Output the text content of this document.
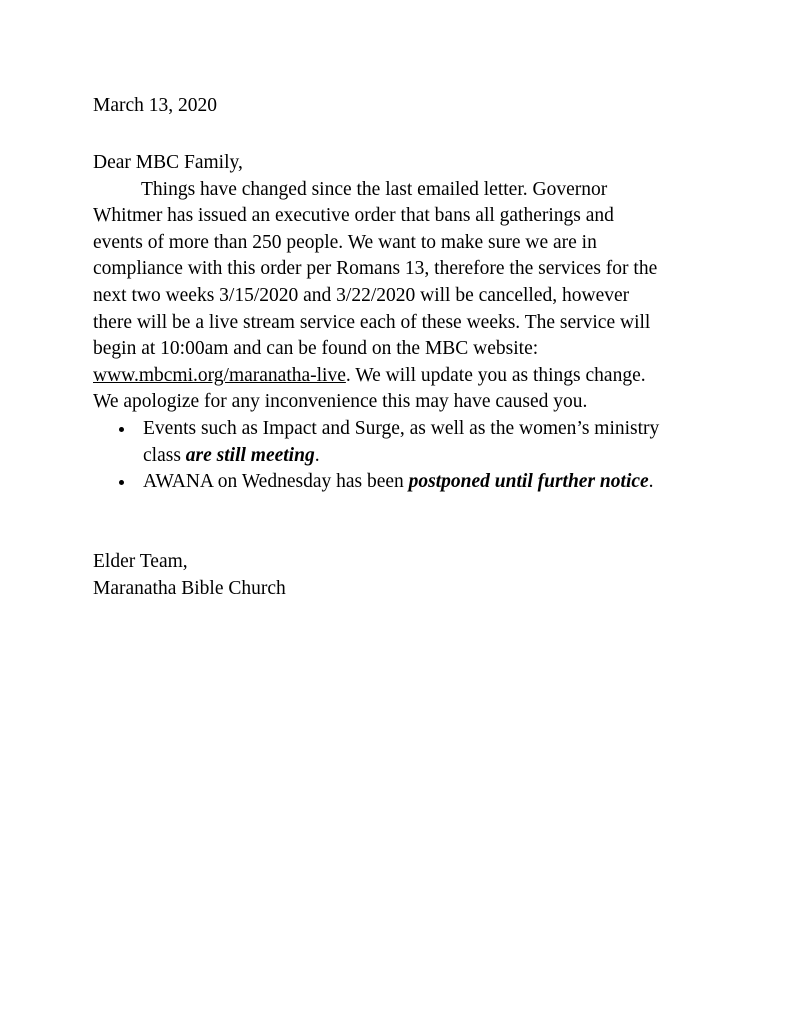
March 13, 2020

Dear MBC Family,

Things have changed since the last emailed letter. Governor
Whitmer has issued an executive order that bans all gatherings and
events of more than 250 people. We want to make sure we are in
compliance with this order per Romans 13, therefore the services for the
next two weeks 3/15/2020 and 3/22/2020 will be cancelled, however
there will be a live stream service each of these weeks. The service will
begin at 10:00am and can be found on the MBC website:
www.mbcmi.org/maranatha-live. We will update you as things change.
We apologize for any inconvenience this may have caused you.

Events such as Impact and Surge, as well as the women’s ministry
class are still meeting.
AWANA on Wednesday has been postponed until further notice.

Elder Team,
Maranatha Bible Church
